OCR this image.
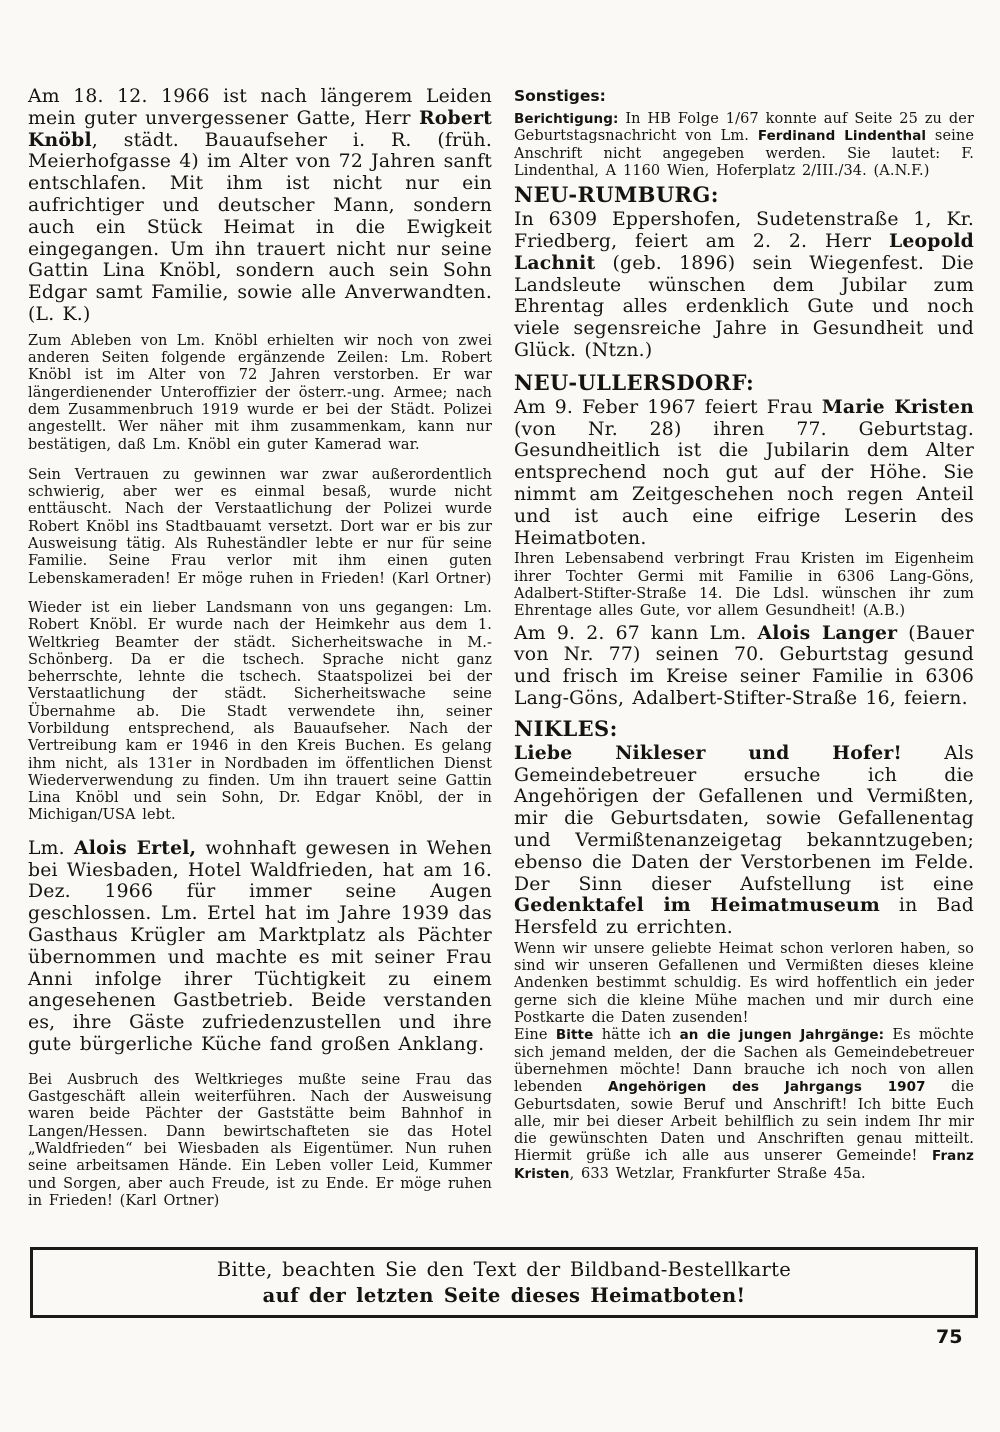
Am 18. 12. 1966 ist nach längerem Leiden mein guter unvergessener Gatte, Herr Robert Knöbl, städt. Bauaufseher i. R. (früh. Meierhofgasse 4) im Alter von 72 Jahren sanft entschlafen. Mit ihm ist nicht nur ein aufrichtiger und deutscher Mann, sondern auch ein Stück Heimat in die Ewigkeit eingegangen. Um ihn trauert nicht nur seine Gattin Lina Knöbl, sondern auch sein Sohn Edgar samt Familie, sowie alle Anverwandten. (L. K.)

Zum Ableben von Lm. Knöbl erhielten wir noch von zwei anderen Seiten folgende ergänzende Zeilen: Lm. Robert Knöbl ist im Alter von 72 Jahren verstorben. Er war längerdienender Unteroffizier der österr.-ung. Armee; nach dem Zusammenbruch 1919 wurde er bei der Städt. Polizei angestellt. Wer näher mit ihm zusammenkam, kann nur bestätigen, daß Lm. Knöbl ein guter Kamerad war.

Sein Vertrauen zu gewinnen war zwar außerordentlich schwierig, aber wer es einmal besaß, wurde nicht enttäuscht. Nach der Verstaatlichung der Polizei wurde Robert Knöbl ins Stadtbauamt versetzt. Dort war er bis zur Ausweisung tätig. Als Ruheständler lebte er nur für seine Familie. Seine Frau verlor mit ihm einen guten Lebenskameraden! Er möge ruhen in Frieden! (Karl Ortner)

Wieder ist ein lieber Landsmann von uns gegangen: Lm. Robert Knöbl. Er wurde nach der Heimkehr aus dem 1. Weltkrieg Beamter der städt. Sicherheitswache in M.-Schönberg. Da er die tschech. Sprache nicht ganz beherrschte, lehnte die tschech. Staatspolizei bei der Verstaatlichung der städt. Sicherheitswache seine Übernahme ab. Die Stadt verwendete ihn, seiner Vorbildung entsprechend, als Bauaufseher. Nach der Vertreibung kam er 1946 in den Kreis Buchen. Es gelang ihm nicht, als 131er in Nordbaden im öffentlichen Dienst Wiederverwendung zu finden. Um ihn trauert seine Gattin Lina Knöbl und sein Sohn, Dr. Edgar Knöbl, der in Michigan/USA lebt.

Lm. Alois Ertel, wohnhaft gewesen in Wehen bei Wiesbaden, Hotel Waldfrieden, hat am 16. Dez. 1966 für immer seine Augen geschlossen. Lm. Ertel hat im Jahre 1939 das Gasthaus Krügler am Marktplatz als Pächter übernommen und machte es mit seiner Frau Anni infolge ihrer Tüchtigkeit zu einem angesehenen Gastbetrieb. Beide verstanden es, ihre Gäste zufriedenzustellen und ihre gute bürgerliche Küche fand großen Anklang.

Bei Ausbruch des Weltkrieges mußte seine Frau das Gastgeschäft allein weiterführen. Nach der Ausweisung waren beide Pächter der Gaststätte beim Bahnhof in Langen/Hessen. Dann bewirtschafteten sie das Hotel „Waldfrieden“ bei Wiesbaden als Eigentümer. Nun ruhen seine arbeitsamen Hände. Ein Leben voller Leid, Kummer und Sorgen, aber auch Freude, ist zu Ende. Er möge ruhen in Frieden! (Karl Ortner)

Sonstiges:

Berichtigung: In HB Folge 1/67 konnte auf Seite 25 zu der Geburtstagsnachricht von Lm. Ferdinand Lindenthal seine Anschrift nicht angegeben werden. Sie lautet: F. Lindenthal, A 1160 Wien, Hoferplatz 2/III./34. (A.N.F.)

NEU-RUMBURG:

In 6309 Eppershofen, Sudetenstraße 1, Kr. Friedberg, feiert am 2. 2. Herr Leopold Lachnit (geb. 1896) sein Wiegenfest. Die Landsleute wünschen dem Jubilar zum Ehrentag alles erdenklich Gute und noch viele segensreiche Jahre in Gesundheit und Glück. (Ntzn.)

NEU-ULLERSDORF:

Am 9. Feber 1967 feiert Frau Marie Kristen (von Nr. 28) ihren 77. Geburtstag. Gesundheitlich ist die Jubilarin dem Alter entsprechend noch gut auf der Höhe. Sie nimmt am Zeitgeschehen noch regen Anteil und ist auch eine eifrige Leserin des Heimatboten.

Ihren Lebensabend verbringt Frau Kristen im Eigenheim ihrer Tochter Germi mit Familie in 6306 Lang-Göns, Adalbert-Stifter-Straße 14. Die Ldsl. wünschen ihr zum Ehrentage alles Gute, vor allem Gesundheit! (A.B.)

Am 9. 2. 67 kann Lm. Alois Langer (Bauer von Nr. 77) seinen 70. Geburtstag gesund und frisch im Kreise seiner Familie in 6306 Lang-Göns, Adalbert-Stifter-Straße 16, feiern.

NIKLES:

Liebe Nikleser und Hofer! Als Gemeindebetreuer ersuche ich die Angehörigen der Gefallenen und Vermißten, mir die Geburtsdaten, sowie Gefallenentag und Vermißtenanzeigetag bekanntzugeben; ebenso die Daten der Verstorbenen im Felde. Der Sinn dieser Aufstellung ist eine Gedenktafel im Heimatmuseum in Bad Hersfeld zu errichten.

Wenn wir unsere geliebte Heimat schon verloren haben, so sind wir unseren Gefallenen und Vermißten dieses kleine Andenken bestimmt schuldig. Es wird hoffentlich ein jeder gerne sich die kleine Mühe machen und mir durch eine Postkarte die Daten zusenden!

Eine Bitte hätte ich an die jungen Jahrgänge: Es möchte sich jemand melden, der die Sachen als Gemeindebetreuer übernehmen möchte! Dann brauche ich noch von allen lebenden Angehörigen des Jahrgangs 1907 die Geburtsdaten, sowie Beruf und Anschrift! Ich bitte Euch alle, mir bei dieser Arbeit behilflich zu sein indem Ihr mir die gewünschten Daten und Anschriften genau mitteilt. Hiermit grüße ich alle aus unserer Gemeinde! Franz Kristen, 633 Wetzlar, Frankfurter Straße 45a.

Bitte, beachten Sie den Text der Bildband-Bestellkarte

auf der letzten Seite dieses Heimatboten!

75
